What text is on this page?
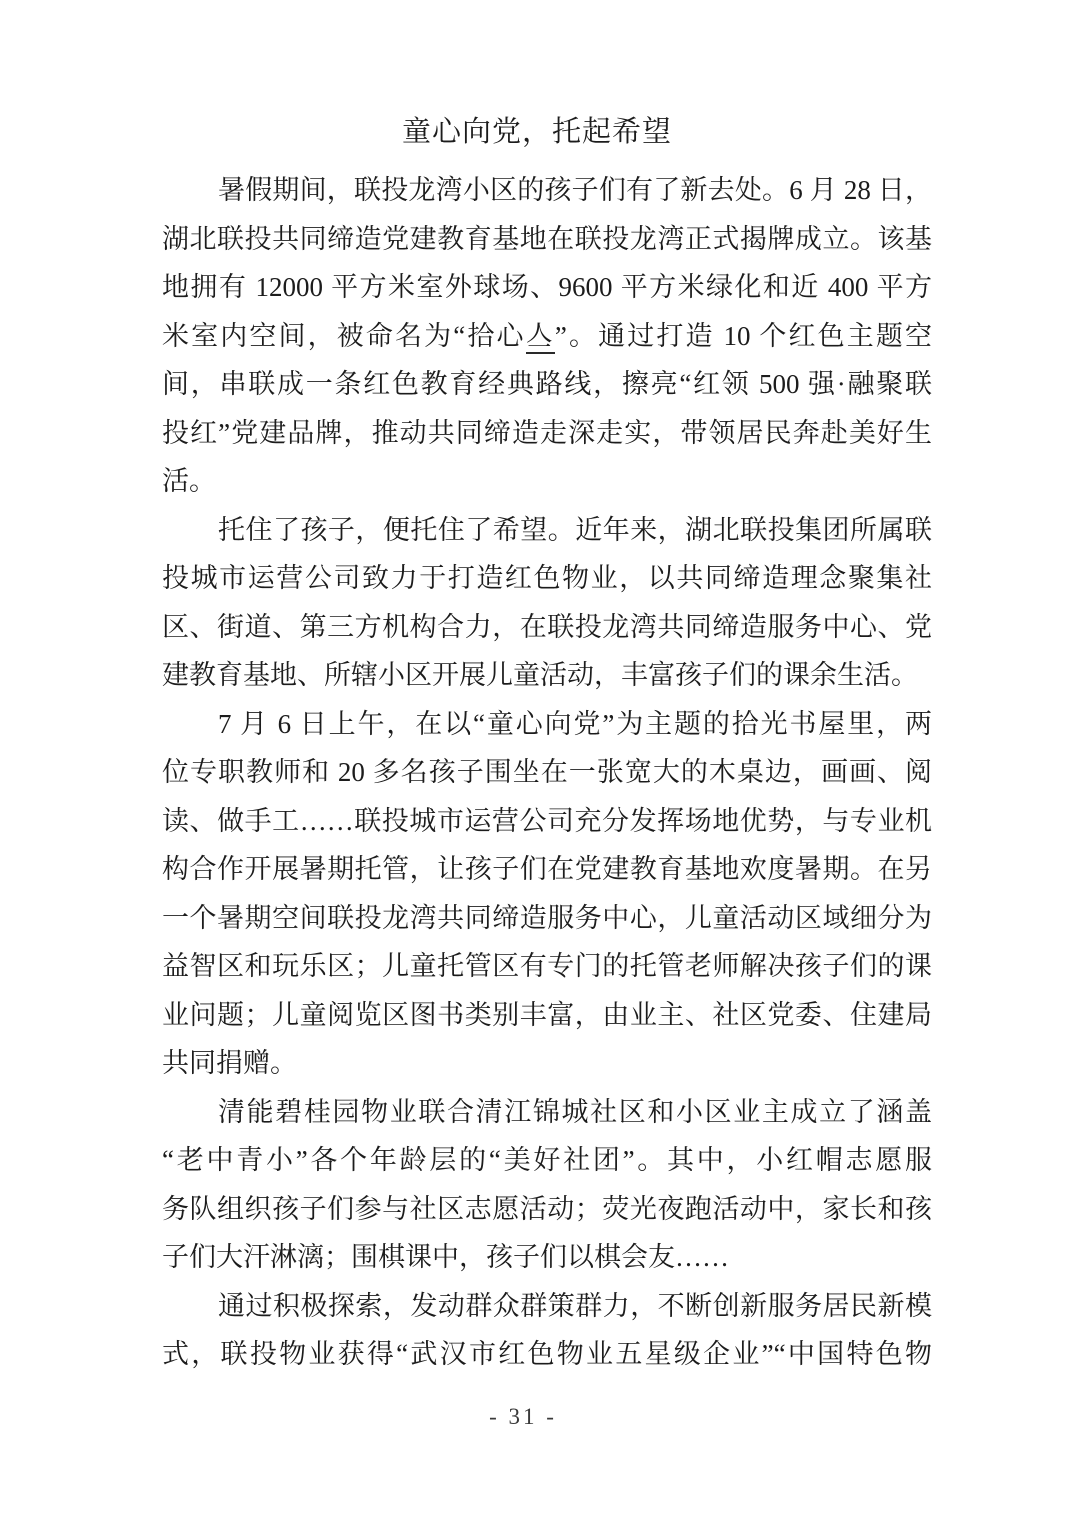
童心向党，托起希望
暑假期间，联投龙湾小区的孩子们有了新去处。6 月 28 日，
湖北联投共同缔造党建教育基地在联投龙湾正式揭牌成立。该基
地拥有 12000 平方米室外球场、9600 平方米绿化和近 400 平方
米室内空间，被命名为“拾心亼”。通过打造 10 个红色主题空
间，串联成一条红色教育经典路线，擦亮“红领 500 强·融聚联
投红”党建品牌，推动共同缔造走深走实，带领居民奔赴美好生
活。
托住了孩子，便托住了希望。近年来，湖北联投集团所属联
投城市运营公司致力于打造红色物业，以共同缔造理念聚集社
区、街道、第三方机构合力，在联投龙湾共同缔造服务中心、党
建教育基地、所辖小区开展儿童活动，丰富孩子们的课余生活。
7 月 6 日上午，在以“童心向党”为主题的拾光书屋里，两
位专职教师和 20 多名孩子围坐在一张宽大的木桌边，画画、阅
读、做手工……联投城市运营公司充分发挥场地优势，与专业机
构合作开展暑期托管，让孩子们在党建教育基地欢度暑期。在另
一个暑期空间联投龙湾共同缔造服务中心，儿童活动区域细分为
益智区和玩乐区；儿童托管区有专门的托管老师解决孩子们的课
业问题；儿童阅览区图书类别丰富，由业主、社区党委、住建局
共同捐赠。
清能碧桂园物业联合清江锦城社区和小区业主成立了涵盖
“老中青小”各个年龄层的“美好社团”。其中，小红帽志愿服
务队组织孩子们参与社区志愿活动；荧光夜跑活动中，家长和孩
子们大汗淋漓；围棋课中，孩子们以棋会友……
通过积极探索，发动群众群策群力，不断创新服务居民新模
式，联投物业获得“武汉市红色物业五星级企业”“中国特色物
- 31 -
